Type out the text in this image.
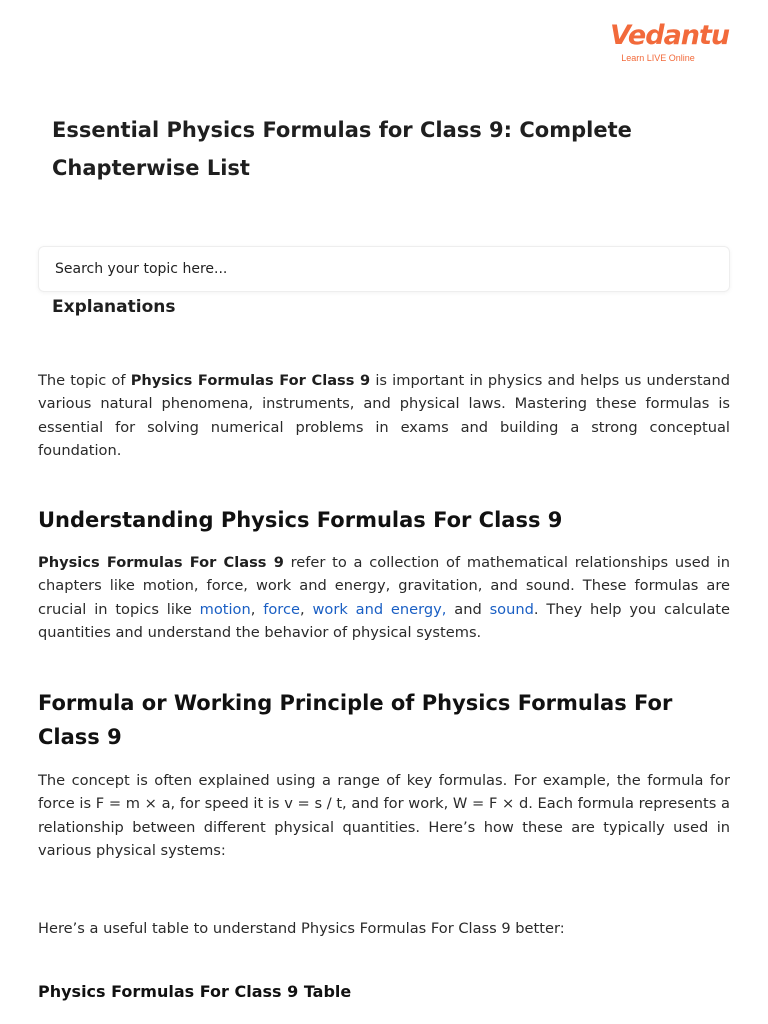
Vedantu
Learn LIVE Online
Essential Physics Formulas for Class 9: Complete Chapterwise List
Search your topic here...
Explanations

The topic of Physics Formulas For Class 9 is important in physics and helps us understand various natural phenomena, instruments, and physical laws. Mastering these formulas is essential for solving numerical problems in exams and building a strong conceptual foundation.

Understanding Physics Formulas For Class 9

Physics Formulas For Class 9 refer to a collection of mathematical relationships used in chapters like motion, force, work and energy, gravitation, and sound. These formulas are crucial in topics like motion, force, work and energy, and sound. They help you calculate quantities and understand the behavior of physical systems.

Formula or Working Principle of Physics Formulas For Class 9

The concept is often explained using a range of key formulas. For example, the formula for force is F = m × a, for speed it is v = s / t, and for work, W = F × d. Each formula represents a relationship between different physical quantities. Here’s how these are typically used in various physical systems:

Here’s a useful table to understand Physics Formulas For Class 9 better:

Physics Formulas For Class 9 Table
